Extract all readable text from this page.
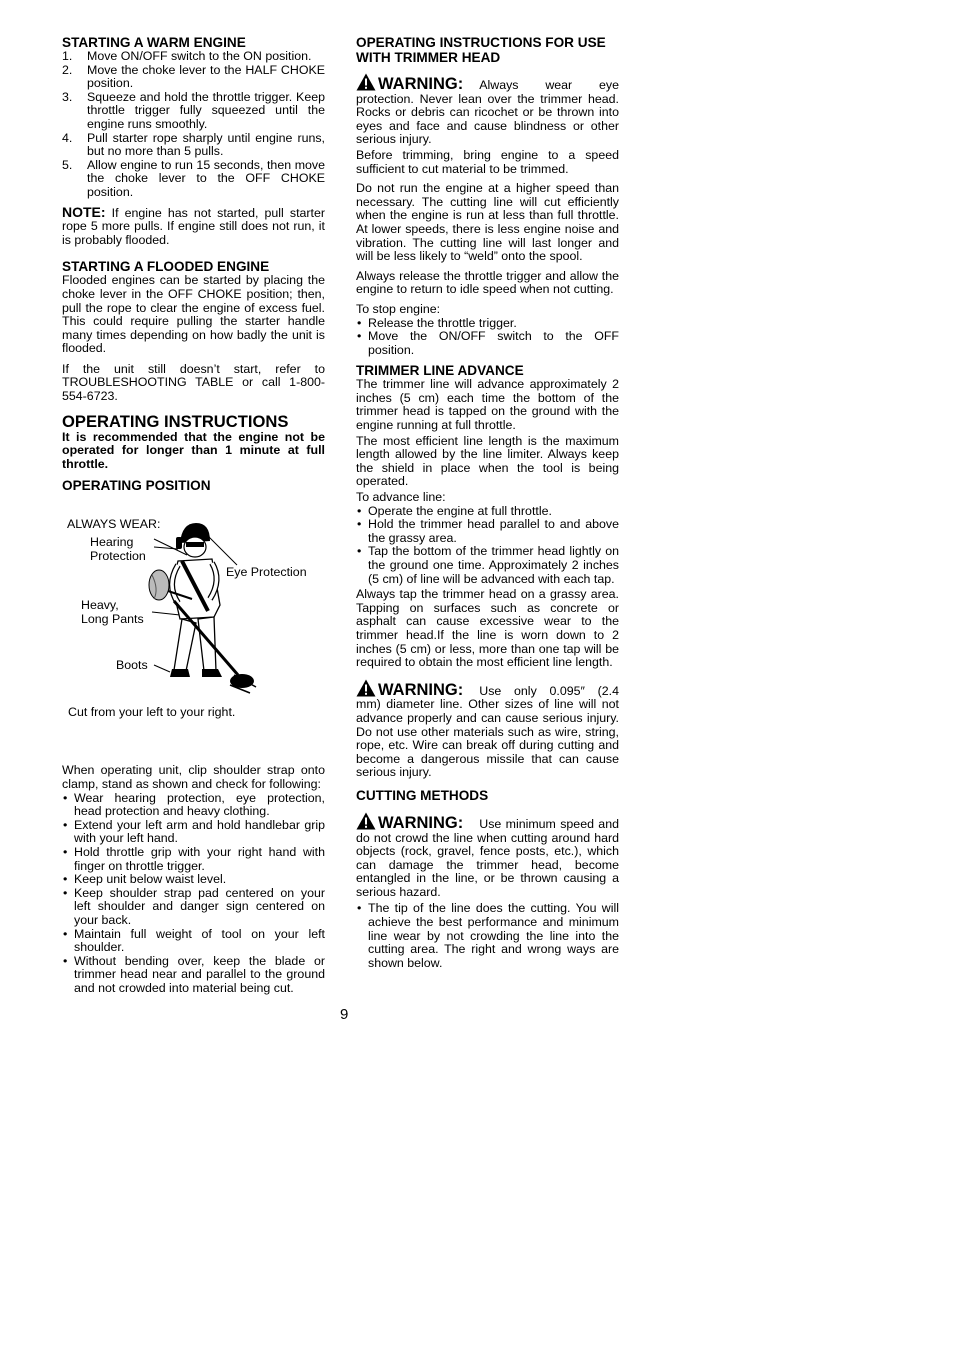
STARTING A WARM ENGINE
1. Move ON/OFF switch to the ON position.
2. Move the choke lever to the HALF CHOKE position.
3. Squeeze and hold the throttle trigger. Keep throttle trigger fully squeezed until the engine runs smoothly.
4. Pull starter rope sharply until engine runs, but no more than 5 pulls.
5. Allow engine to run 15 seconds, then move the choke lever to the OFF CHOKE position.

NOTE: If engine has not started, pull starter rope 5 more pulls. If engine still does not run, it is probably flooded.

STARTING A FLOODED ENGINE

Flooded engines can be started by placing the choke lever in the OFF CHOKE position; then, pull the rope to clear the engine of excess fuel. This could require pulling the starter handle many times depending on how badly the unit is flooded.

If the unit still doesn’t start, refer to TROUBLESHOOTING TABLE or call 1-800-554-6723.

OPERATING INSTRUCTIONS

It is recommended that the engine not be operated for longer than 1 minute at full throttle.

OPERATING POSITION
ALWAYS WEAR:
Hearing
Protection
Eye Protection
Heavy,
Long Pants
Boots
Cut from your left to your right.

When operating unit, clip shoulder strap onto clamp, stand as shown and check for following:

• Wear hearing protection, eye protection, head protection and heavy clothing.
• Extend your left arm and hold handlebar grip with your left hand.
• Hold throttle grip with your right hand with finger on throttle trigger.
• Keep unit below waist level.
• Keep shoulder strap pad centered on your left shoulder and danger sign centered on your back.
• Maintain full weight of tool on your left shoulder.
• Without bending over, keep the blade or trimmer head near and parallel to the ground and not crowded into material being cut.
OPERATING INSTRUCTIONS FOR USE WITH TRIMMER HEAD

WARNING: Always wear eye protection. Never lean over the trimmer head. Rocks or debris can ricochet or be thrown into eyes and face and cause blindness or other serious injury.

Before trimming, bring engine to a speed sufficient to cut material to be trimmed.

Do not run the engine at a higher speed than necessary. The cutting line will cut efficiently when the engine is run at less than full throttle. At lower speeds, there is less engine noise and vibration. The cutting line will last longer and will be less likely to “weld” onto the spool.

Always release the throttle trigger and allow the engine to return to idle speed when not cutting.

To stop engine:

• Release the throttle trigger.
• Move the ON/OFF switch to the OFF position.
TRIMMER LINE ADVANCE

The trimmer line will advance approximately 2 inches (5 cm) each time the bottom of the trimmer head is tapped on the ground with the engine running at full throttle.

The most efficient line length is the maximum length allowed by the line limiter. Always keep the shield in place when the tool is being operated.

To advance line:

• Operate the engine at full throttle.
• Hold the trimmer head parallel to and above the grassy area.
• Tap the bottom of the trimmer head lightly on the ground one time. Approximately 2 inches (5 cm) of line will be advanced with each tap.

Always tap the trimmer head on a grassy area. Tapping on surfaces such as concrete or asphalt can cause excessive wear to the trimmer head.If the line is worn down to 2 inches (5 cm) or less, more than one tap will be required to obtain the most efficient line length.

WARNING: Use only 0.095″ (2.4 mm) diameter line. Other sizes of line will not advance properly and can cause serious injury. Do not use other materials such as wire, string, rope, etc. Wire can break off during cutting and become a dangerous missile that can cause serious injury.

CUTTING METHODS

WARNING: Use minimum speed and do not crowd the line when cutting around hard objects (rock, gravel, fence posts, etc.), which can damage the trimmer head, become entangled in the line, or be thrown causing a serious hazard.

• The tip of the line does the cutting. You will achieve the best performance and minimum line wear by not crowding the line into the cutting area. The right and wrong ways are shown below.
9
